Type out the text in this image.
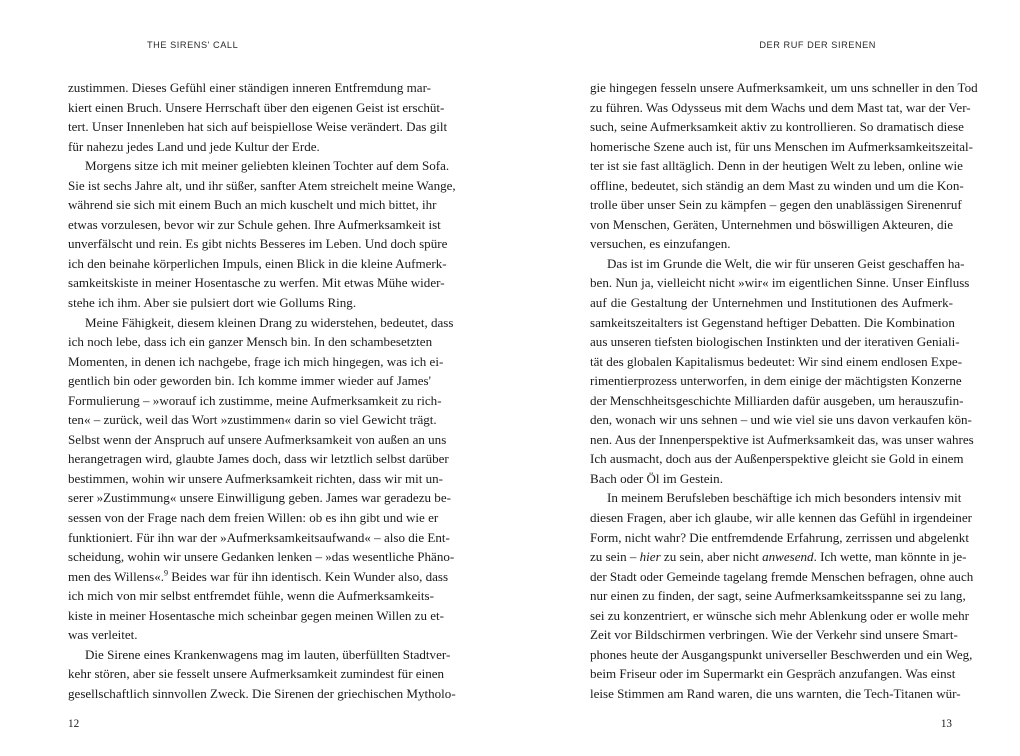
THE SIRENS' CALL
zustimmen. Dieses Gefühl einer ständigen inneren Entfremdung mar-
kiert einen Bruch. Unsere Herrschaft über den eigenen Geist ist erschüt-
tert. Unser Innenleben hat sich auf beispiellose Weise verändert. Das gilt
für nahezu jedes Land und jede Kultur der Erde.
Morgens sitze ich mit meiner geliebten kleinen Tochter auf dem Sofa.
Sie ist sechs Jahre alt, und ihr süßer, sanfter Atem streichelt meine Wange,
während sie sich mit einem Buch an mich kuschelt und mich bittet, ihr
etwas vorzulesen, bevor wir zur Schule gehen. Ihre Aufmerksamkeit ist
unverfälscht und rein. Es gibt nichts Besseres im Leben. Und doch spüre
ich den beinahe körperlichen Impuls, einen Blick in die kleine Aufmerk-
samkeitskiste in meiner Hosentasche zu werfen. Mit etwas Mühe wider-
stehe ich ihm. Aber sie pulsiert dort wie Gollums Ring.
Meine Fähigkeit, diesem kleinen Drang zu widerstehen, bedeutet, dass
ich noch lebe, dass ich ein ganzer Mensch bin. In den schambesetzten
Momenten, in denen ich nachgebe, frage ich mich hingegen, was ich ei-
gentlich bin oder geworden bin. Ich komme immer wieder auf James'
Formulierung – »worauf ich zustimme, meine Aufmerksamkeit zu rich-
ten« – zurück, weil das Wort »zustimmen« darin so viel Gewicht trägt.
Selbst wenn der Anspruch auf unsere Aufmerksamkeit von außen an uns
herangetragen wird, glaubte James doch, dass wir letztlich selbst darüber
bestimmen, wohin wir unsere Aufmerksamkeit richten, dass wir mit un-
serer »Zustimmung« unsere Einwilligung geben. James war geradezu be-
sessen von der Frage nach dem freien Willen: ob es ihn gibt und wie er
funktioniert. Für ihn war der »Aufmerksamkeitsaufwand« – also die Ent-
scheidung, wohin wir unsere Gedanken lenken – »das wesentliche Phäno-
men des Willens«.$^9$ Beides war für ihn identisch. Kein Wunder also, dass
ich mich von mir selbst entfremdet fühle, wenn die Aufmerksamkeits-
kiste in meiner Hosentasche mich scheinbar gegen meinen Willen zu et-
was verleitet.
Die Sirene eines Krankenwagens mag im lauten, überfüllten Stadtver-
kehr stören, aber sie fesselt unsere Aufmerksamkeit zumindest für einen
gesellschaftlich sinnvollen Zweck. Die Sirenen der griechischen Mytholo-
12
DER RUF DER SIRENEN
gie hingegen fesseln unsere Aufmerksamkeit, um uns schneller in den Tod
zu führen. Was Odysseus mit dem Wachs und dem Mast tat, war der Ver-
such, seine Aufmerksamkeit aktiv zu kontrollieren. So dramatisch diese
homerische Szene auch ist, für uns Menschen im Aufmerksamkeitszeital-
ter ist sie fast alltäglich. Denn in der heutigen Welt zu leben, online wie
offline, bedeutet, sich ständig an dem Mast zu winden und um die Kon-
trolle über unser Sein zu kämpfen – gegen den unablässigen Sirenenruf
von Menschen, Geräten, Unternehmen und böswilligen Akteuren, die
versuchen, es einzufangen.
Das ist im Grunde die Welt, die wir für unseren Geist geschaffen ha-
ben. Nun ja, vielleicht nicht »wir« im eigentlichen Sinne. Unser Einfluss
auf die Gestaltung der Unternehmen und Institutionen des Aufmerk-
samkeitszeitalters ist Gegenstand heftiger Debatten. Die Kombination
aus unseren tiefsten biologischen Instinkten und der iterativen Geniali-
tät des globalen Kapitalismus bedeutet: Wir sind einem endlosen Expe-
rimentierprozess unterworfen, in dem einige der mächtigsten Konzerne
der Menschheitsgeschichte Milliarden dafür ausgeben, um herauszufin-
den, wonach wir uns sehnen – und wie viel sie uns davon verkaufen kön-
nen. Aus der Innenperspektive ist Aufmerksamkeit das, was unser wahres
Ich ausmacht, doch aus der Außenperspektive gleicht sie Gold in einem
Bach oder Öl im Gestein.
In meinem Berufsleben beschäftige ich mich besonders intensiv mit
diesen Fragen, aber ich glaube, wir alle kennen das Gefühl in irgendeiner
Form, nicht wahr? Die entfremdende Erfahrung, zerrissen und abgelenkt
zu sein – hier zu sein, aber nicht anwesend. Ich wette, man könnte in je-
der Stadt oder Gemeinde tagelang fremde Menschen befragen, ohne auch
nur einen zu finden, der sagt, seine Aufmerksamkeitsspanne sei zu lang,
sei zu konzentriert, er wünsche sich mehr Ablenkung oder er wolle mehr
Zeit vor Bildschirmen verbringen. Wie der Verkehr sind unsere Smart-
phones heute der Ausgangspunkt universeller Beschwerden und ein Weg,
beim Friseur oder im Supermarkt ein Gespräch anzufangen. Was einst
leise Stimmen am Rand waren, die uns warnten, die Tech-Titanen wür-
13
